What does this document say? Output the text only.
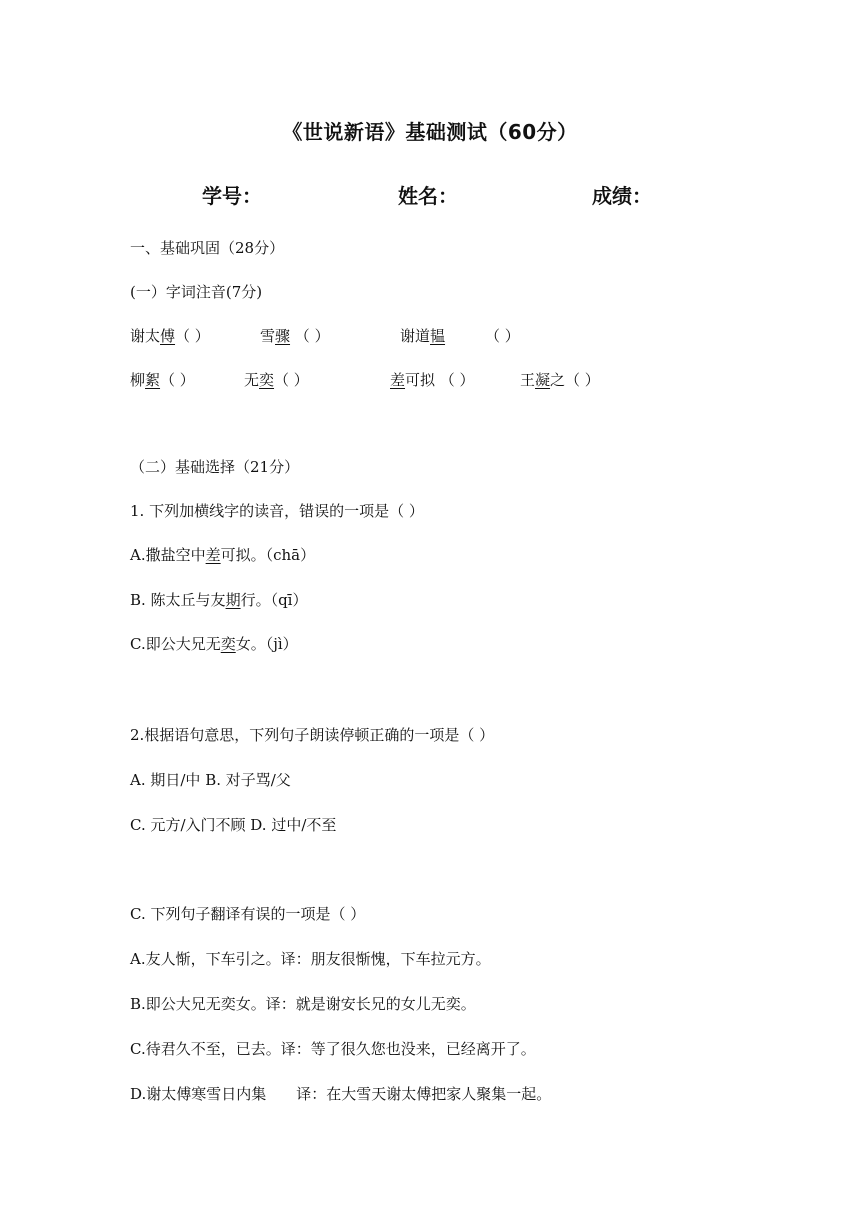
《世说新语》基础测试（60分）
学号：	姓名：	成绩：
一、基础巩固（28分）
(一）字词注音(7分)
谢太傅（ ）	雪骤 （ ）	谢道韫	（ ）
柳絮（ ）	无奕（ ）	差可拟 （ ）	王凝之（ ）
（二）基础选择（21分）
1. 下列加横线字的读音，错误的一项是（ ）
A.撒盐空中差可拟。（chā）
B. 陈太丘与友期行。（qī）
C.即公大兄无奕女。（jì）
2.根据语句意思，下列句子朗读停顿正确的一项是（ ）
A. 期日/中 B. 对子骂/父
C. 元方/入门不顾 D. 过中/不至
C. 下列句子翻译有误的一项是（ ）
A.友人惭，下车引之。译：朋友很惭愧，下车拉元方。
B.即公大兄无奕女。译：就是谢安长兄的女儿无奕。
C.待君久不至，已去。译：等了很久您也没来，已经离开了。
D.谢太傅寒雪日内集 译：在大雪天谢太傅把家人聚集一起。
